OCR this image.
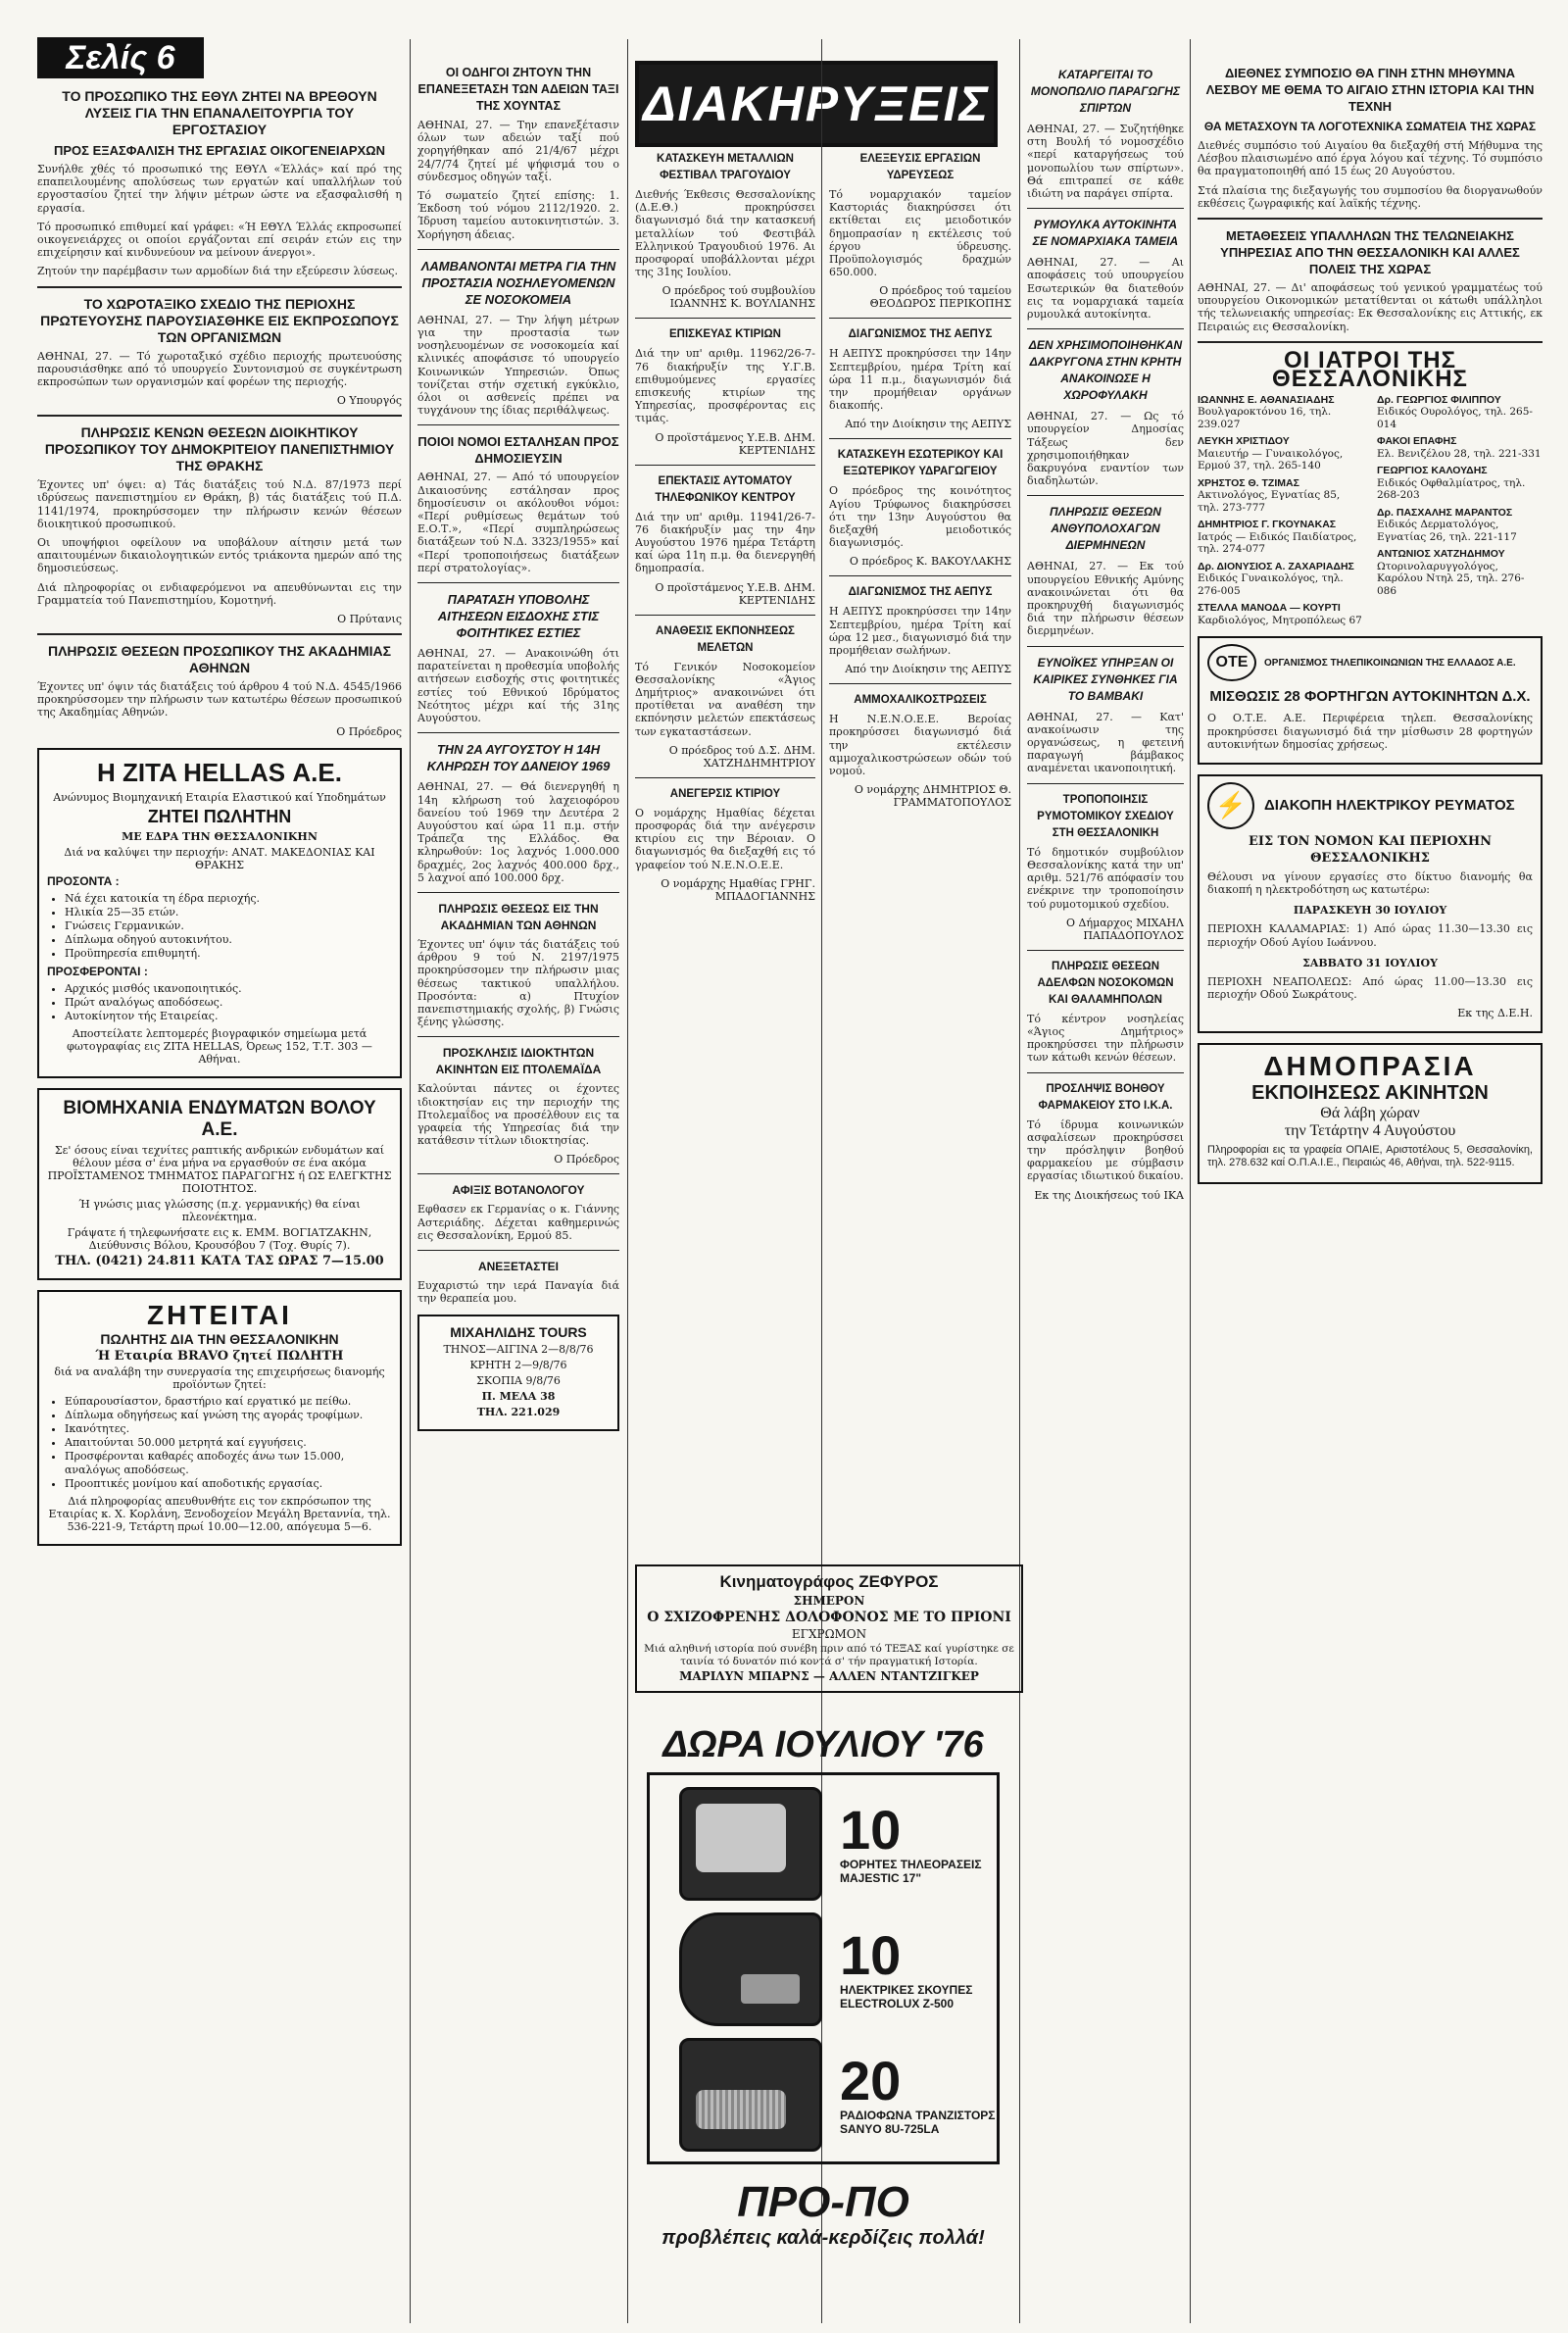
Σελίς 6
ΔΙΑΚΗΡΥΞΕΙΣ
ΤΟ ΠΡΟΣΩΠΙΚΟ ΤΗΣ ΕΘΥΛ ΖΗΤΕΙ ΝΑ ΒΡΕΘΟΥΝ ΛΥΣΕΙΣ ΓΙΑ ΤΗΝ ΕΠΑΝΑΛΕΙΤΟΥΡΓΙΑ ΤΟΥ ΕΡΓΟΣΤΑΣΙΟΥ
ΠΡΟΣ ΕΞΑΣΦΑΛΙΣΗ ΤΗΣ ΕΡΓΑΣΙΑΣ ΟΙΚΟΓΕΝΕΙΑΡΧΩΝ

Συνήλθε χθές τό προσωπικό της ΕΘΥΛ «Έλλάς» καί πρό της επαπειλουμένης απολύσεως των εργατών καί υπαλλήλων τού εργοστασίου ζητεί την λήψιν μέτρων ώστε να εξασφαλισθή η εργασία.

Τό προσωπικό επιθυμεί καί γράφει: «Ή ΕΘΥΛ Έλλάς εκπροσωπεί οικογενειάρχες οι οποίοι εργάζονται επί σειράν ετών εις την επιχείρησιν καί κινδυνεύουν να μείνουν άνεργοι».

Ζητούν την παρέμβασιν των αρμοδίων διά την εξεύρεσιν λύσεως.

ΤΟ ΧΩΡΟΤΑΞΙΚΟ ΣΧΕΔΙΟ ΤΗΣ ΠΕΡΙΟΧΗΣ ΠΡΩΤΕΥΟΥΣΗΣ ΠΑΡΟΥΣΙΑΣΘΗΚΕ ΕΙΣ ΕΚΠΡΟΣΩΠΟΥΣ ΤΩΝ ΟΡΓΑΝΙΣΜΩΝ

ΑΘΗΝΑΙ, 27. — Τό χωροταξικό σχέδιο περιοχής πρωτευούσης παρουσιάσθηκε από τό υπουργείο Συντονισμού σε συγκέντρωση εκπροσώπων των οργανισμών καί φορέων της περιοχής.

Ο Υπουργός
ΠΛΗΡΩΣΙΣ ΚΕΝΩΝ ΘΕΣΕΩΝ ΔΙΟΙΚΗΤΙΚΟΥ ΠΡΟΣΩΠΙΚΟΥ ΤΟΥ ΔΗΜΟΚΡΙΤΕΙΟΥ ΠΑΝΕΠΙΣΤΗΜΙΟΥ ΤΗΣ ΘΡΑΚΗΣ

Έχοντες υπ' όψει: α) Τάς διατάξεις τού Ν.Δ. 87/1973 περί ιδρύσεως πανεπιστημίου εν Θράκη, β) τάς διατάξεις τού Π.Δ. 1141/1974, προκηρύσσομεν την πλήρωσιν κενών θέσεων διοικητικού προσωπικού.

Οι υποψήφιοι οφείλουν να υποβάλουν αίτησιν μετά των απαιτουμένων δικαιολογητικών εντός τριάκοντα ημερών από της δημοσιεύσεως.

Διά πληροφορίας οι ενδιαφερόμενοι να απευθύνωνται εις την Γραμματεία τού Πανεπιστημίου, Κομοτηνή.

Ο Πρύτανις
ΠΛΗΡΩΣΙΣ ΘΕΣΕΩΝ ΠΡΟΣΩΠΙΚΟΥ ΤΗΣ ΑΚΑΔΗΜΙΑΣ ΑΘΗΝΩΝ

Έχοντες υπ' όψιν τάς διατάξεις τού άρθρου 4 τού Ν.Δ. 4545/1966 προκηρύσσομεν την πλήρωσιν των κατωτέρω θέσεων προσωπικού της Ακαδημίας Αθηνών.

Ο Πρόεδρος
Η ZITA HELLAS Α.Ε.

Ανώνυμος Βιομηχανική Εταιρία Ελαστικού καί Υποδημάτων

ΖΗΤΕΙ ΠΩΛΗΤΗΝ

ΜΕ ΕΔΡΑ ΤΗΝ ΘΕΣΣΑΛΟΝΙΚΗΝ

Διά να καλύψει την περιοχήν: ΑΝΑΤ. ΜΑΚΕΔΟΝΙΑΣ ΚΑΙ ΘΡΑΚΗΣ

ΠΡΟΣΟΝΤΑ :
• Νά έχει κατοικία τη έδρα περιοχής.
• Ηλικία 25—35 ετών.
• Γνώσεις Γερμανικών.
• Δίπλωμα οδηγού αυτοκινήτου.
• Προϋπηρεσία επιθυμητή.
ΠΡΟΣΦΕΡΟΝΤΑΙ :
• Αρχικός μισθός ικανοποιητικός.
• Πρώτ αναλόγως αποδόσεως.
• Αυτοκίνητον τής Εταιρείας.

Αποστείλατε λεπτομερές βιογραφικόν σημείωμα μετά φωτογραφίας εις ZITA HELLAS, Όρεως 152, Τ.Τ. 303 — Αθήναι.

ΒΙΟΜΗΧΑΝΙΑ ΕΝΔΥΜΑΤΩΝ ΒΟΛΟΥ Α.Ε.

Σε' όσους είναι τεχνίτες ραπτικής ανδρικών ενδυμάτων καί θέλουν μέσα σ' ένα μήνα να εργασθούν σε ένα ακόμα ΠΡΟΪΣΤΑΜΕΝΟΣ ΤΜΗΜΑΤΟΣ ΠΑΡΑΓΩΓΗΣ ή ΩΣ ΕΛΕΓΚΤΗΣ ΠΟΙΟΤΗΤΟΣ.

Ή γνώσις μιας γλώσσης (π.χ. γερμανικής) θα είναι πλεονέκτημα.

Γράψατε ή τηλεφωνήσατε εις κ. ΕΜΜ. ΒΟΓΙΑΤΖΑΚΗΝ, Διεύθυνσις Βόλου, Κρουσόβου 7 (Τοχ. Θυρίς 7).

ΤΗΛ. (0421) 24.811 ΚΑΤΑ ΤΑΣ ΩΡΑΣ 7—15.00

ΖΗΤΕΙΤΑΙ
ΠΩΛΗΤΗΣ ΔΙΑ ΤΗΝ ΘΕΣΣΑΛΟΝΙΚΗΝ

Ή Εταιρία BRAVO ζητεί ΠΩΛΗΤΗ

διά να αναλάβη την συνεργασία της επιχειρήσεως διανομής προϊόντων ζητεί:

• Εύπαρουσίαστον, δραστήριο καί εργατικό με πείθω.
• Δίπλωμα οδηγήσεως καί γνώση της αγοράς τροφίμων.
• Ικανότητες.
• Απαιτούνται 50.000 μετρητά καί εγγυήσεις.
• Προσφέρονται καθαρές αποδοχές άνω των 15.000, αναλόγως αποδόσεως.
• Προοπτικές μονίμου καί αποδοτικής εργασίας.

Διά πληροφορίας απευθυνθήτε εις τον εκπρόσωπον της Εταιρίας κ. Χ. Κορλάνη, Ξενοδοχείον Μεγάλη Βρεταννία, τηλ. 536-221-9, Τετάρτη πρωί 10.00—12.00, απόγευμα 5—6.

ΟΙ ΟΔΗΓΟΙ ΖΗΤΟΥΝ ΤΗΝ ΕΠΑΝΕΞΕΤΑΣΗ ΤΩΝ ΑΔΕΙΩΝ ΤΑΞΙ ΤΗΣ ΧΟΥΝΤΑΣ

ΑΘΗΝΑΙ, 27. — Την επανεξέτασιν όλων των αδειών ταξί πού χορηγήθηκαν από 21/4/67 μέχρι 24/7/74 ζητεί μέ ψήφισμά του ο σύνδεσμος οδηγών ταξί.

Τό σωματείο ζητεί επίσης: 1. Έκδοση τού νόμου 2112/1920. 2. Ίδρυση ταμείου αυτοκινητιστών. 3. Χορήγηση άδειας.

ΛΑΜΒΑΝΟΝΤΑΙ ΜΕΤΡΑ ΓΙΑ ΤΗΝ ΠΡΟΣΤΑΣΙΑ ΝΟΣΗΛΕΥΟΜΕΝΩΝ ΣΕ ΝΟΣΟΚΟΜΕΙΑ

ΑΘΗΝΑΙ, 27. — Την λήψη μέτρων για την προστασία των νοσηλευομένων σε νοσοκομεία καί κλινικές αποφάσισε τό υπουργείο Κοινωνικών Υπηρεσιών. Όπως τονίζεται στήν σχετική εγκύκλιο, όλοι οι ασθενείς πρέπει να τυγχάνουν της ίδιας περιθάλψεως.

ΠΟΙΟΙ ΝΟΜΟΙ ΕΣΤΑΛΗΣΑΝ ΠΡΟΣ ΔΗΜΟΣΙΕΥΣΙΝ

ΑΘΗΝΑΙ, 27. — Από τό υπουργείον Δικαιοσύνης εστάλησαν προς δημοσίευσιν οι ακόλουθοι νόμοι: «Περί ρυθμίσεως θεμάτων τού Ε.Ο.Τ.», «Περί συμπληρώσεως διατάξεων τού Ν.Δ. 3323/1955» καί «Περί τροποποιήσεως διατάξεων περί στρατολογίας».

ΠΑΡΑΤΑΣΗ ΥΠΟΒΟΛΗΣ ΑΙΤΗΣΕΩΝ ΕΙΣΔΟΧΗΣ ΣΤΙΣ ΦΟΙΤΗΤΙΚΕΣ ΕΣΤΙΕΣ

ΑΘΗΝΑΙ, 27. — Ανακοινώθη ότι παρατείνεται η προθεσμία υποβολής αιτήσεων εισδοχής στις φοιτητικές εστίες τού Εθνικού Ιδρύματος Νεότητος μέχρι καί τής 31ης Αυγούστου.

ΤΗΝ 2Α ΑΥΓΟΥΣΤΟΥ Η 14Η ΚΛΗΡΩΣΗ ΤΟΥ ΔΑΝΕΙΟΥ 1969

ΑΘΗΝΑΙ, 27. — Θά διενεργηθή η 14η κλήρωση τού λαχειοφόρου δανείου τού 1969 την Δευτέρα 2 Αυγούστου καί ώρα 11 π.μ. στήν Τράπεζα της Ελλάδος. Θα κληρωθούν: 1ος λαχνός 1.000.000 δραχμές, 2ος λαχνός 400.000 δρχ., 5 λαχνοί από 100.000 δρχ.

ΠΛΗΡΩΣΙΣ ΘΕΣΕΩΣ ΕΙΣ ΤΗΝ ΑΚΑΔΗΜΙΑΝ ΤΩΝ ΑΘΗΝΩΝ

Έχοντες υπ' όψιν τάς διατάξεις τού άρθρου 9 τού Ν. 2197/1975 προκηρύσσομεν την πλήρωσιν μιας θέσεως τακτικού υπαλλήλου. Προσόντα: α) Πτυχίον πανεπιστημιακής σχολής, β) Γνώσις ξένης γλώσσης.

ΠΡΟΣΚΛΗΣΙΣ ΙΔΙΟΚΤΗΤΩΝ ΑΚΙΝΗΤΩΝ ΕΙΣ ΠΤΟΛΕΜΑΪΔΑ

Καλούνται πάντες οι έχοντες ιδιοκτησίαν εις την περιοχήν της Πτολεμαΐδος να προσέλθουν εις τα γραφεία τής Υπηρεσίας διά την κατάθεσιν τίτλων ιδιοκτησίας.

Ο Πρόεδρος
ΑΦΙΞΙΣ ΒΟΤΑΝΟΛΟΓΟΥ

Εφθασεν εκ Γερμανίας ο κ. Γιάννης Αστεριάδης. Δέχεται καθημερινώς εις Θεσσαλονίκη, Ερμού 85.

ΑΝΕΞΕΤΑΣΤΕΙ

Ευχαριστώ την ιερά Παναγία διά την θεραπεία μου.

ΜΙΧΑΗΛΙΔΗΣ TOURS

ΤΗΝΟΣ—ΑΙΓΙΝΑ 2—8/8/76

ΚΡΗΤΗ 2—9/8/76

ΣΚΟΠΙΑ 9/8/76

Π. ΜΕΛΑ 38

ΤΗΛ. 221.029

ΚΑΤΑΣΚΕΥΗ ΜΕΤΑΛΛΙΩΝ ΦΕΣΤΙΒΑΛ ΤΡΑΓΟΥΔΙΟΥ

Διεθνής Έκθεσις Θεσσαλονίκης (Δ.Ε.Θ.) προκηρύσσει διαγωνισμό διά την κατασκευή μεταλλίων τού Φεστιβάλ Ελληνικού Τραγουδιού 1976. Αι προσφοραί υποβάλλονται μέχρι της 31ης Ιουλίου.

Ο πρόεδρος τού συμβουλίου ΙΩΑΝΝΗΣ Κ. ΒΟΥΛΙΑΝΗΣ
ΕΠΙΣΚΕΥΑΣ ΚΤΙΡΙΩΝ

Διά την υπ' αριθμ. 11962/26-7-76 διακήρυξίν της Υ.Γ.Β. επιθυμούμενες εργασίες επισκευής κτιρίων της Υπηρεσίας, προσφέροντας εις τιμάς.

Ο προϊστάμενος Υ.Ε.Β. ΔΗΜ. ΚΕΡΤΕΝΙΔΗΣ
ΕΠΕΚΤΑΣΙΣ ΑΥΤΟΜΑΤΟΥ ΤΗΛΕΦΩΝΙΚΟΥ ΚΕΝΤΡΟΥ

Διά την υπ' αριθμ. 11941/26-7-76 διακήρυξίν μας την 4ην Αυγούστου 1976 ημέρα Τετάρτη καί ώρα 11η π.μ. θα διενεργηθή δημοπρασία.

Ο προϊστάμενος Υ.Ε.Β. ΔΗΜ. ΚΕΡΤΕΝΙΔΗΣ
ΑΝΑΘΕΣΙΣ ΕΚΠΟΝΗΣΕΩΣ ΜΕΛΕΤΩΝ

Τό Γενικόν Νοσοκομείον Θεσσαλονίκης «Άγιος Δημήτριος» ανακοινώνει ότι προτίθεται να αναθέση την εκπόνησιν μελετών επεκτάσεως των εγκαταστάσεων.

Ο πρόεδρος τού Δ.Σ. ΔΗΜ. ΧΑΤΖΗΔΗΜΗΤΡΙΟΥ
ΑΝΕΓΕΡΣΙΣ ΚΤΙΡΙΟΥ

Ο νομάρχης Ημαθίας δέχεται προσφοράς διά την ανέγερσιν κτιρίου εις την Βέροιαν. Ο διαγωνισμός θα διεξαχθή εις τό γραφείον τού Ν.Ε.Ν.Ο.Ε.Ε.

Ο νομάρχης Ημαθίας ΓΡΗΓ. ΜΠΑΔΟΓΙΑΝΝΗΣ
Κινηματογράφος ΖΕΦΥΡΟΣ
ΣΗΜΕΡΟΝ
Ο ΣΧΙΖΟΦΡΕΝΗΣ ΔΟΛΟΦΟΝΟΣ ΜΕ ΤΟ ΠΡΙΟΝΙ
ΕΓΧΡΩΜΟΝ
Μιά αληθινή ιστορία πού συνέβη πριν από τό ΤΕΞΑΣ καί γυρίστηκε σε ταινία τό δυνατόν πιό κοντά σ' τήν πραγματική Ιστορία.
ΜΑΡΙΛΥΝ ΜΠΑΡΝΣ — ΑΛΛΕΝ ΝΤΑΝΤΖΙΓΚΕΡ
ΕΛΕΞΕΥΣΙΣ ΕΡΓΑΣΙΩΝ ΥΔΡΕΥΣΕΩΣ

Τό νομαρχιακόν ταμείον Καστοριάς διακηρύσσει ότι εκτίθεται εις μειοδοτικόν δημοπρασίαν η εκτέλεσις τού έργου ύδρευσης. Προϋπολογισμός δραχμών 650.000.

Ο πρόεδρος τού ταμείου ΘΕΟΔΩΡΟΣ ΠΕΡΙΚΟΠΗΣ
ΔΙΑΓΩΝΙΣΜΟΣ ΤΗΣ ΑΕΠΥΣ

Η ΑΕΠΥΣ προκηρύσσει την 14ην Σεπτεμβρίου, ημέρα Τρίτη καί ώρα 11 π.μ., διαγωνισμόν διά την προμήθειαν οργάνων διακοπής.

Από την Διοίκησιν της ΑΕΠΥΣ
ΚΑΤΑΣΚΕΥΗ ΕΣΩΤΕΡΙΚΟΥ ΚΑΙ ΕΞΩΤΕΡΙΚΟΥ ΥΔΡΑΓΩΓΕΙΟΥ

Ο πρόεδρος της κοινότητος Αγίου Τρύφωνος διακηρύσσει ότι την 13ην Αυγούστου θα διεξαχθή μειοδοτικός διαγωνισμός.

Ο πρόεδρος Κ. ΒΑΚΟΥΛΑΚΗΣ
ΔΙΑΓΩΝΙΣΜΟΣ ΤΗΣ ΑΕΠΥΣ

Η ΑΕΠΥΣ προκηρύσσει την 14ην Σεπτεμβρίου, ημέρα Τρίτη καί ώρα 12 μεσ., διαγωνισμό διά την προμήθειαν σωλήνων.

Από την Διοίκησιν της ΑΕΠΥΣ
ΑΜΜΟΧΑΛΙΚΟΣΤΡΩΣΕΙΣ

Η Ν.Ε.Ν.Ο.Ε.Ε. Βεροίας προκηρύσσει διαγωνισμό διά την εκτέλεσιν αμμοχαλικοστρώσεων οδών τού νομού.

Ο νομάρχης ΔΗΜΗΤΡΙΟΣ Θ. ΓΡΑΜΜΑΤΟΠΟΥΛΟΣ
ΔΩΡΑ ΙΟΥΛΙΟΥ '76
10
ΦΟΡΗΤΕΣ ΤΗΛΕΟΡΑΣΕΙΣ
MAJESTIC 17"
10
ΗΛΕΚΤΡΙΚΕΣ ΣΚΟΥΠΕΣ
ELECTROLUX Z-500
20
ΡΑΔΙΟΦΩΝΑ ΤΡΑΝΖΙΣΤΟΡΣ
SANYO 8U-725LA
ΠΡΟ-ΠΟ
προβλέπεις καλά-κερδίζεις πολλά!
ΚΑΤΑΡΓΕΙΤΑΙ ΤΟ ΜΟΝΟΠΩΛΙΟ ΠΑΡΑΓΩΓΗΣ ΣΠΙΡΤΩΝ

ΑΘΗΝΑΙ, 27. — Συζητήθηκε στη Βουλή τό νομοσχέδιο «περί καταργήσεως τού μονοπωλίου των σπίρτων». Θά επιτραπεί σε κάθε ιδιώτη να παράγει σπίρτα.

ΡΥΜΟΥΛΚΑ ΑΥΤΟΚΙΝΗΤΑ ΣΕ ΝΟΜΑΡΧΙΑΚΑ ΤΑΜΕΙΑ

ΑΘΗΝΑΙ, 27. — Αι αποφάσεις τού υπουργείου Εσωτερικών θα διατεθούν εις τα νομαρχιακά ταμεία ρυμουλκά αυτοκίνητα.

ΔΕΝ ΧΡΗΣΙΜΟΠΟΙΗΘΗΚΑΝ ΔΑΚΡΥΓΟΝΑ ΣΤΗΝ ΚΡΗΤΗ ΑΝΑΚΟΙΝΩΣΕ Η ΧΩΡΟΦΥΛΑΚΗ

ΑΘΗΝΑΙ, 27. — Ως τό υπουργείον Δημοσίας Τάξεως δεν χρησιμοποιήθηκαν δακρυγόνα εναντίον των διαδηλωτών.

ΠΛΗΡΩΣΙΣ ΘΕΣΕΩΝ ΑΝΘΥΠΟΛΟΧΑΓΩΝ ΔΙΕΡΜΗΝΕΩΝ

ΑΘΗΝΑΙ, 27. — Εκ τού υπουργείου Εθνικής Αμύνης ανακοινώνεται ότι θα προκηρυχθή διαγωνισμός διά την πλήρωσιν θέσεων διερμηνέων.

ΕΥΝΟΪΚΕΣ ΥΠΗΡΞΑΝ ΟΙ ΚΑΙΡΙΚΕΣ ΣΥΝΘΗΚΕΣ ΓΙΑ ΤΟ ΒΑΜΒΑΚΙ

ΑΘΗΝΑΙ, 27. — Κατ' ανακοίνωσιν της οργανώσεως, η φετεινή παραγωγή βάμβακος αναμένεται ικανοποιητική.

ΤΡΟΠΟΠΟΙΗΣΙΣ ΡΥΜΟΤΟΜΙΚΟΥ ΣΧΕΔΙΟΥ ΣΤΗ ΘΕΣΣΑΛΟΝΙΚΗ

Τό δημοτικόν συμβούλιον Θεσσαλονίκης κατά την υπ' αριθμ. 521/76 απόφασίν του ενέκρινε την τροποποίησιν τού ρυμοτομικού σχεδίου.

Ο Δήμαρχος ΜΙΧΑΗΛ ΠΑΠΑΔΟΠΟΥΛΟΣ
ΠΛΗΡΩΣΙΣ ΘΕΣΕΩΝ ΑΔΕΛΦΩΝ ΝΟΣΟΚΟΜΩΝ ΚΑΙ ΘΑΛΑΜΗΠΟΛΩΝ

Τό κέντρον νοσηλείας «Άγιος Δημήτριος» προκηρύσσει την πλήρωσιν των κάτωθι κενών θέσεων.

ΠΡΟΣΛΗΨΙΣ ΒΟΗΘΟΥ ΦΑΡΜΑΚΕΙΟΥ ΣΤΟ Ι.Κ.Α.

Τό ίδρυμα κοινωνικών ασφαλίσεων προκηρύσσει την πρόσληψιν βοηθού φαρμακείου με σύμβασιν εργασίας ιδιωτικού δικαίου.

Εκ της Διοικήσεως τού ΙΚΑ
ΔΙΕΘΝΕΣ ΣΥΜΠΟΣΙΟ ΘΑ ΓΙΝΗ ΣΤΗΝ ΜΗΘΥΜΝΑ ΛΕΣΒΟΥ ΜΕ ΘΕΜΑ ΤΟ ΑΙΓΑΙΟ ΣΤΗΝ ΙΣΤΟΡΙΑ ΚΑΙ ΤΗΝ ΤΕΧΝΗ
ΘΑ ΜΕΤΑΣΧΟΥΝ ΤΑ ΛΟΓΟΤΕΧΝΙΚΑ ΣΩΜΑΤΕΙΑ ΤΗΣ ΧΩΡΑΣ

Διεθνές συμπόσιο τού Αιγαίου θα διεξαχθή στή Μήθυμνα της Λέσβου πλαισιωμένο από έργα λόγου καί τέχνης. Τό συμπόσιο θα πραγματοποιηθή από 15 έως 20 Αυγούστου.

Στά πλαίσια της διεξαγωγής του συμποσίου θα διοργανωθούν εκθέσεις ζωγραφικής καί λαϊκής τέχνης.

ΜΕΤΑΘΕΣΕΙΣ ΥΠΑΛΛΗΛΩΝ ΤΗΣ ΤΕΛΩΝΕΙΑΚΗΣ ΥΠΗΡΕΣΙΑΣ ΑΠΟ ΤΗΝ ΘΕΣΣΑΛΟΝΙΚΗ ΚΑΙ ΑΛΛΕΣ ΠΟΛΕΙΣ ΤΗΣ ΧΩΡΑΣ

ΑΘΗΝΑΙ, 27. — Δι' αποφάσεως τού γενικού γραμματέως τού υπουργείου Οικονομικών μετατίθενται οι κάτωθι υπάλληλοι τής τελωνειακής υπηρεσίας: Εκ Θεσσαλονίκης εις Αττικής, εκ Πειραιώς εις Θεσσαλονίκη.

ΟΙ ΙΑΤΡΟΙ ΤΗΣ ΘΕΣΣΑΛΟΝΙΚΗΣ
ΙΩΑΝΝΗΣ Ε. ΑΘΑΝΑΣΙΑΔΗΣ
Βουλγαροκτόνου 16, τηλ. 239.027
ΛΕΥΚΗ ΧΡΙΣΤΙΔΟΥ
Μαιευτήρ — Γυναικολόγος, Ερμού 37, τηλ. 265-140
ΧΡΗΣΤΟΣ Θ. ΤΖΙΜΑΣ
Ακτινολόγος, Εγνατίας 85, τηλ. 273-777
ΔΗΜΗΤΡΙΟΣ Γ. ΓΚΟΥΝΑΚΑΣ
Ιατρός — Ειδικός Παιδίατρος, τηλ. 274-077
Δρ. ΔΙΟΝΥΣΙΟΣ Α. ΖΑΧΑΡΙΑΔΗΣ
Ειδικός Γυναικολόγος, τηλ. 276-005
ΣΤΕΛΛΑ ΜΑΝΟΔΑ — ΚΟΥΡΤΙ
Καρδιολόγος, Μητροπόλεως 67
Δρ. ΓΕΩΡΓΙΟΣ ΦΙΛΙΠΠΟΥ
Ειδικός Ουρολόγος, τηλ. 265-014
ΦΑΚΟΙ ΕΠΑΦΗΣ
Ελ. Βενιζέλου 28, τηλ. 221-331
ΓΕΩΡΓΙΟΣ ΚΑΛΟΥΔΗΣ
Ειδικός Οφθαλμίατρος, τηλ. 268-203
Δρ. ΠΑΣΧΑΛΗΣ ΜΑΡΑΝΤΟΣ
Ειδικός Δερματολόγος, Εγνατίας 26, τηλ. 221-117
ΑΝΤΩΝΙΟΣ ΧΑΤΖΗΔΗΜΟΥ
Ωτορινολαρυγγολόγος, Καρόλου Ντηλ 25, τηλ. 276-086
ΟΤΕ	ΟΡΓΑΝΙΣΜΟΣ ΤΗΛΕΠΙΚΟΙΝΩΝΙΩΝ ΤΗΣ ΕΛΛΑΔΟΣ Α.Ε.
ΜΙΣΘΩΣΙΣ 28 ΦΟΡΤΗΓΩΝ ΑΥΤΟΚΙΝΗΤΩΝ Δ.Χ.

Ο Ο.Τ.Ε. Α.Ε. Περιφέρεια τηλεπ. Θεσσαλονίκης προκηρύσσει διαγωνισμό διά την μίσθωσιν 28 φορτηγών αυτοκινήτων δημοσίας χρήσεως.

⚡	ΔΙΑΚΟΠΗ ΗΛΕΚΤΡΙΚΟΥ ΡΕΥΜΑΤΟΣ
ΕΙΣ ΤΟΝ ΝΟΜΟΝ ΚΑΙ ΠΕΡΙΟΧΗΝ ΘΕΣΣΑΛΟΝΙΚΗΣ

Θέλουσι να γίνουν εργασίες στο δίκτυο διανομής θα διακοπή η ηλεκτροδότηση ως κατωτέρω:

ΠΑΡΑΣΚΕΥΗ 30 ΙΟΥΛΙΟΥ

ΠΕΡΙΟΧΗ ΚΑΛΑΜΑΡΙΑΣ: 1) Από ώρας 11.30—13.30 εις περιοχήν Οδού Αγίου Ιωάννου.

ΣΑΒΒΑΤΟ 31 ΙΟΥΛΙΟΥ

ΠΕΡΙΟΧΗ ΝΕΑΠΟΛΕΩΣ: Από ώρας 11.00—13.30 εις περιοχήν Οδού Σωκράτους.

Εκ της Δ.Ε.Η.
ΔΗΜΟΠΡΑΣΙΑ
ΕΚΠΟΙΗΣΕΩΣ ΑΚΙΝΗΤΩΝ
Θά λάβη χώραν
την Τετάρτην 4 Αυγούστου

Πληροφορίαι εις τα γραφεία ΟΠΑΙΕ, Αριστοτέλους 5, Θεσσαλονίκη, τηλ. 278.632 καί Ο.Π.Α.Ι.Ε., Πειραιώς 46, Αθήναι, τηλ. 522-9115.
